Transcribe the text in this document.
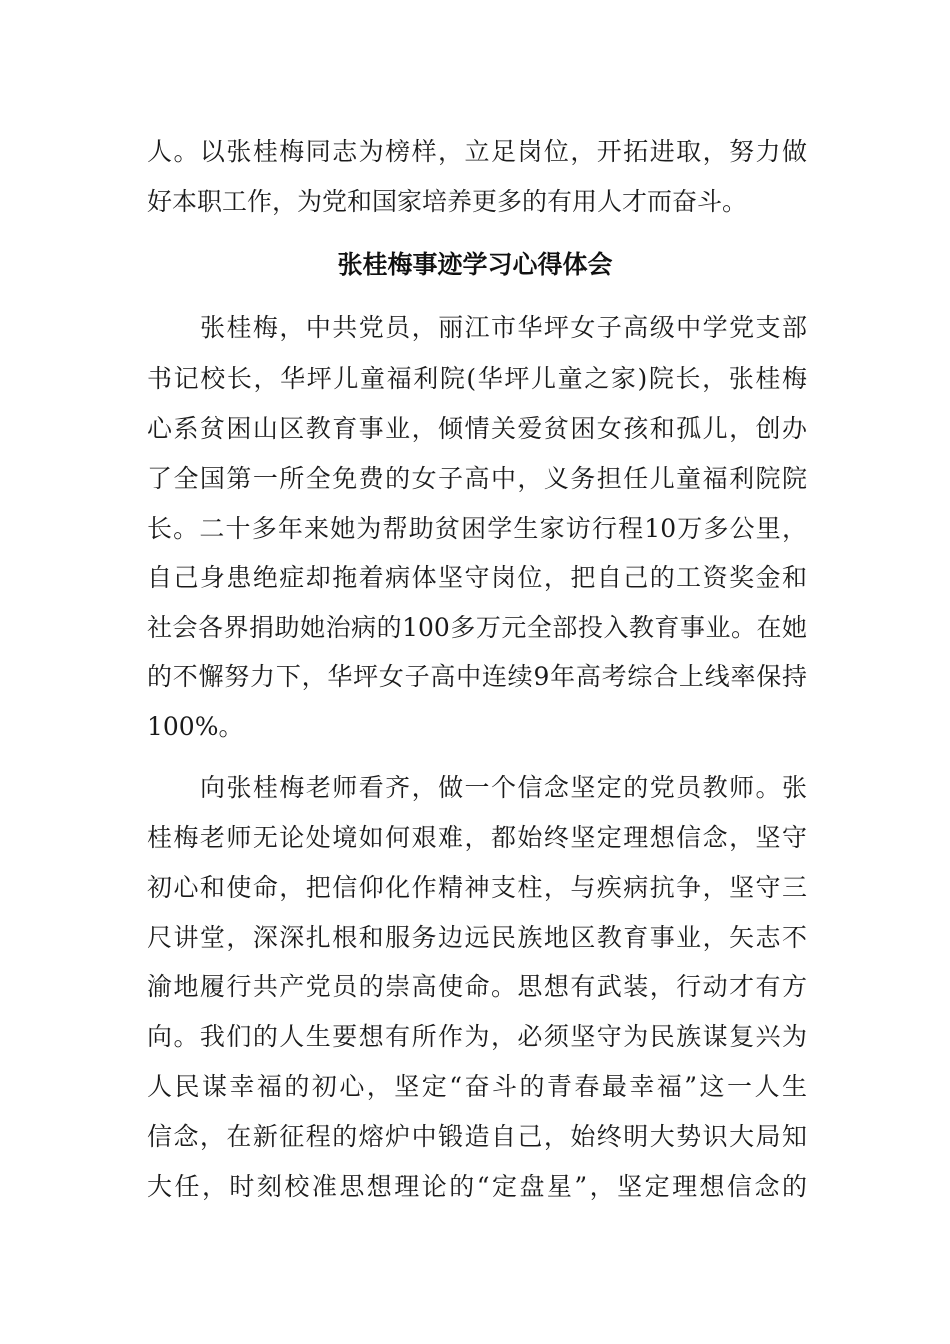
人。以张桂梅同志为榜样，立足岗位，开拓进取，努力做
好本职工作，为党和国家培养更多的有用人才而奋斗。
张桂梅事迹学习心得体会
张桂梅，中共党员，丽江市华坪女子高级中学党支部
书记校长，华坪儿童福利院(华坪儿童之家)院长，张桂梅
心系贫困山区教育事业，倾情关爱贫困女孩和孤儿，创办
了全国第一所全免费的女子高中，义务担任儿童福利院院
长。二十多年来她为帮助贫困学生家访行程10万多公里，
自己身患绝症却拖着病体坚守岗位，把自己的工资奖金和
社会各界捐助她治病的100多万元全部投入教育事业。在她
的不懈努力下，华坪女子高中连续9年高考综合上线率保持
100%。
向张桂梅老师看齐，做一个信念坚定的党员教师。张
桂梅老师无论处境如何艰难，都始终坚定理想信念，坚守
初心和使命，把信仰化作精神支柱，与疾病抗争，坚守三
尺讲堂，深深扎根和服务边远民族地区教育事业，矢志不
渝地履行共产党员的崇高使命。思想有武装，行动才有方
向。我们的人生要想有所作为，必须坚守为民族谋复兴为
人民谋幸福的初心，坚定“奋斗的青春最幸福”这一人生
信念，在新征程的熔炉中锻造自己，始终明大势识大局知
大任，时刻校准思想理论的“定盘星”，坚定理想信念的
